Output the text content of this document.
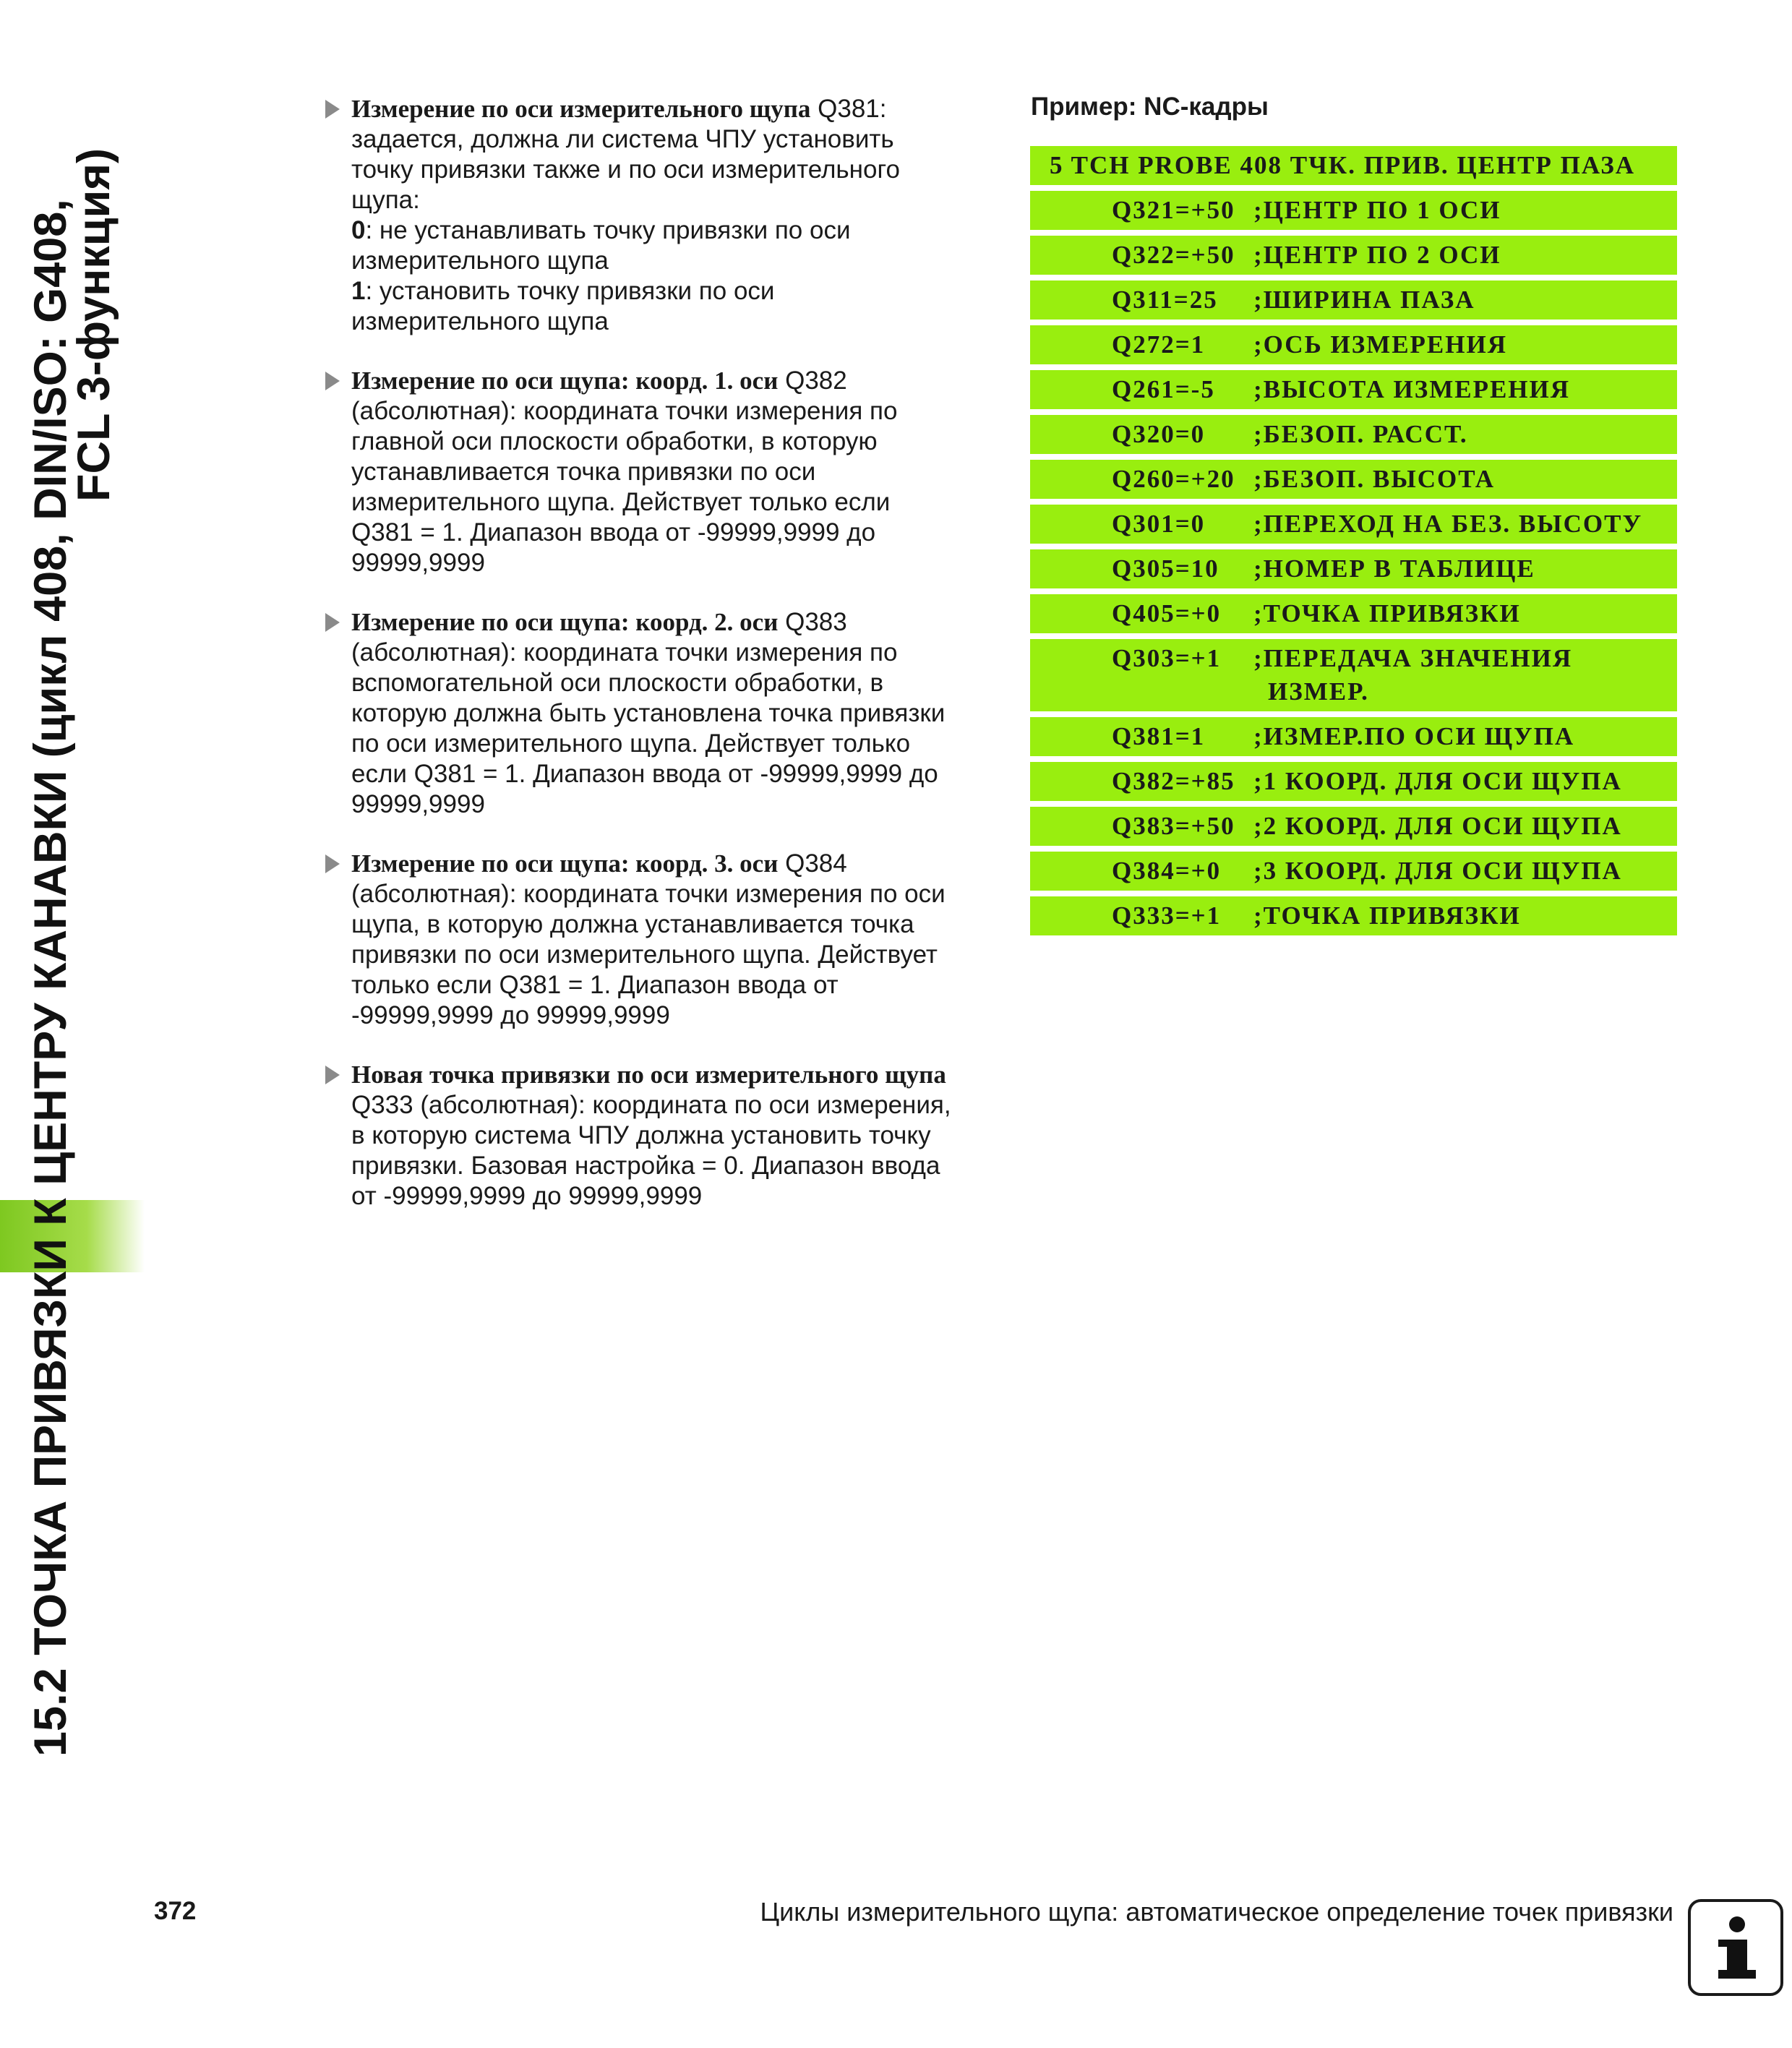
15.2 ТОЧКА ПРИВЯЗКИ К ЦЕНТРУ КАНАВКИ (цикл 408, DIN/ISO: G408,
FCL 3-функция)
Измерение по оси измерительного щупа Q381:
задается, должна ли система ЧПУ установить
точку привязки также и по оси измерительного
щупа:
0: не устанавливать точку привязки по оси
измерительного щупа
1: установить точку привязки по оси
измерительного щупа
Измерение по оси щупа: коорд. 1. оси Q382
(абсолютная): координата точки измерения по
главной оси плоскости обработки, в которую
устанавливается точка привязки по оси
измерительного щупа. Действует только если
Q381 = 1. Диапазон ввода от -99999,9999 до
99999,9999
Измерение по оси щупа: коорд. 2. оси Q383
(абсолютная): координата точки измерения по
вспомогательной оси плоскости обработки, в
которую должна быть установлена точка привязки
по оси измерительного щупа. Действует только
если Q381 = 1. Диапазон ввода от -99999,9999 до
99999,9999
Измерение по оси щупа: коорд. 3. оси Q384
(абсолютная): координата точки измерения по оси
щупа, в которую должна устанавливается точка
привязки по оси измерительного щупа. Действует
только если Q381 = 1. Диапазон ввода от
-99999,9999 до 99999,9999
Новая точка привязки по оси измерительного щупа
Q333 (абсолютная): координата по оси измерения,
в которую система ЧПУ должна установить точку
привязки. Базовая настройка = 0. Диапазон ввода
от -99999,9999 до 99999,9999
Пример: NC-кадры
5 TCH PROBE 408 ТЧК. ПРИВ. ЦЕНТР ПАЗА
Q321=+50 ;ЦЕНТР ПО 1 ОСИ
Q322=+50 ;ЦЕНТР ПО 2 ОСИ
Q311=25	;ШИРИНА ПАЗА
Q272=1	;ОСЬ ИЗМЕРЕНИЯ
Q261=-5	;ВЫСОТА ИЗМЕРЕНИЯ
Q320=0	;БЕЗОП. РАССТ.
Q260=+20 ;БЕЗОП. ВЫСОТА
Q301=0	;ПЕРЕХОД НА БЕЗ. ВЫСОТУ
Q305=10	;НОМЕР В ТАБЛИЦЕ
Q405=+0	;ТОЧКА ПРИВЯЗКИ
Q303=+1	;ПЕРЕДАЧА ЗНАЧЕНИЯ
ИЗМЕР.
Q381=1	;ИЗМЕР.ПО ОСИ ЩУПА
Q382=+85 ;1 КООРД. ДЛЯ ОСИ ЩУПА
Q383=+50 ;2 КООРД. ДЛЯ ОСИ ЩУПА
Q384=+0	;3 КООРД. ДЛЯ ОСИ ЩУПА
Q333=+1	;ТОЧКА ПРИВЯЗКИ
372	Циклы измерительного щупа: автоматическое определение точек привязки
